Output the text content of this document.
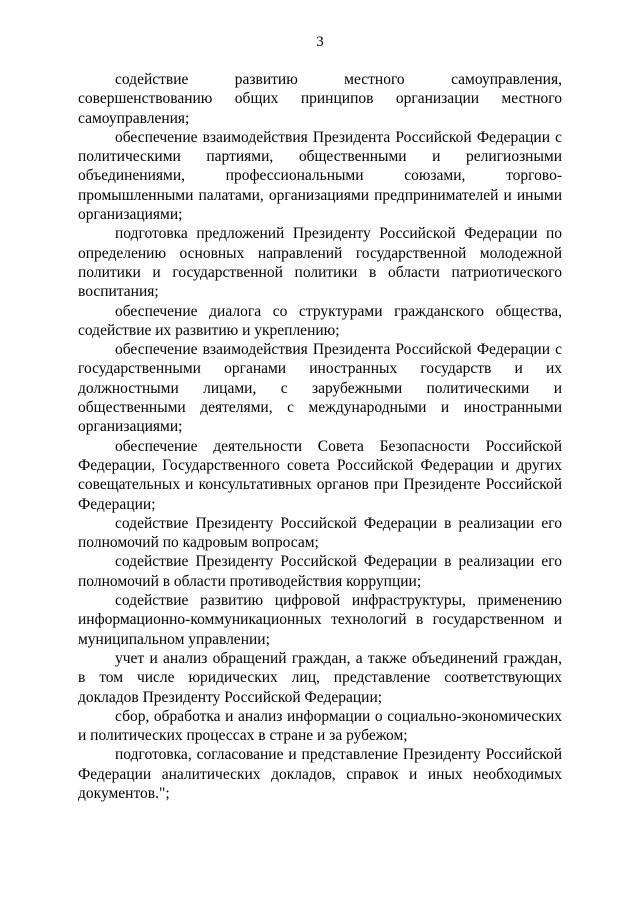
3

содействие развитию местного самоуправления, совершенствованию общих принципов организации местного самоуправления;

обеспечение взаимодействия Президента Российской Федерации с политическими партиями, общественными и религиозными объединениями, профессиональными союзами, торгово-промышленными палатами, организациями предпринимателей и иными организациями;

подготовка предложений Президенту Российской Федерации по определению основных направлений государственной молодежной политики и государственной политики в области патриотического воспитания;

обеспечение диалога со структурами гражданского общества, содействие их развитию и укреплению;

обеспечение взаимодействия Президента Российской Федерации с государственными органами иностранных государств и их должностными лицами, с зарубежными политическими и общественными деятелями, с международными и иностранными организациями;

обеспечение деятельности Совета Безопасности Российской Федерации, Государственного совета Российской Федерации и других совещательных и консультативных органов при Президенте Российской Федерации;

содействие Президенту Российской Федерации в реализации его полномочий по кадровым вопросам;

содействие Президенту Российской Федерации в реализации его полномочий в области противодействия коррупции;

содействие развитию цифровой инфраструктуры, применению информационно-коммуникационных технологий в государственном и муниципальном управлении;

учет и анализ обращений граждан, а также объединений граждан, в том числе юридических лиц, представление соответствующих докладов Президенту Российской Федерации;

сбор, обработка и анализ информации о социально-экономических и политических процессах в стране и за рубежом;

подготовка, согласование и представление Президенту Российской Федерации аналитических докладов, справок и иных необходимых документов.";
